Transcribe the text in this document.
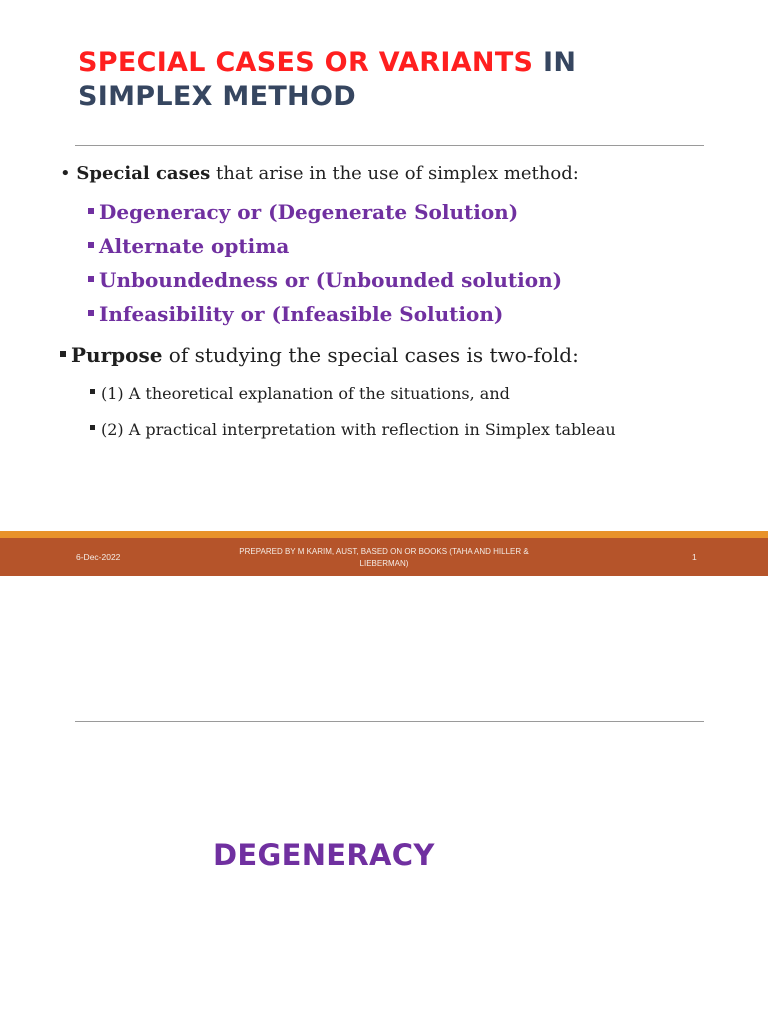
SPECIAL CASES OR VARIANTS IN
SIMPLEX METHOD
• Special cases that arise in the use of simplex method:
Degeneracy or (Degenerate Solution)
Alternate optima
Unboundedness or (Unbounded solution)
Infeasibility or (Infeasible Solution)
Purpose of studying the special cases is two-fold:
(1) A theoretical explanation of the situations, and
(2) A practical interpretation with reflection in Simplex tableau
6-Dec-2022
PREPARED BY M KARIM, AUST, BASED ON OR BOOKS (TAHA AND HILLER & LIEBERMAN)
1
DEGENERACY
